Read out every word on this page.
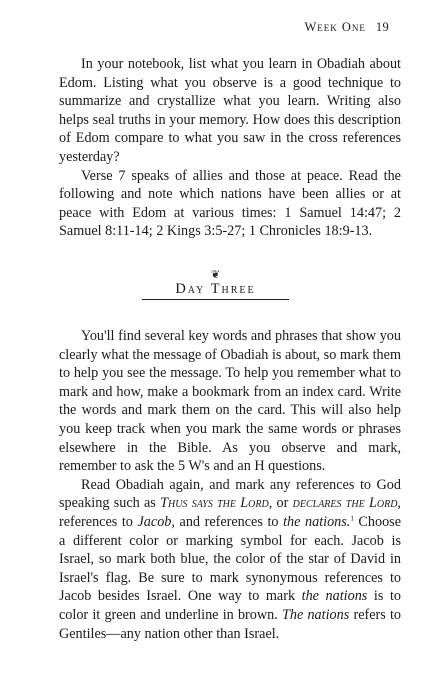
Week One 19

In your notebook, list what you learn in Obadiah about Edom. Listing what you observe is a good technique to summarize and crystallize what you learn. Writing also helps seal truths in your memory. How does this description of Edom compare to what you saw in the cross references yesterday?

Verse 7 speaks of allies and those at peace. Read the following and note which nations have been allies or at peace with Edom at various times: 1 Samuel 14:47; 2 Samuel 8:11-14; 2 Kings 3:5-27; 1 Chronicles 18:9-13.

❦
Day Three

You'll find several key words and phrases that show you clearly what the message of Obadiah is about, so mark them to help you see the message. To help you remember what to mark and how, make a bookmark from an index card. Write the words and mark them on the card. This will also help you keep track when you mark the same words or phrases elsewhere in the Bible. As you observe and mark, remember to ask the 5 W's and an H questions.

Read Obadiah again, and mark any references to God speaking such as Thus says the Lord, or declares the Lord, references to Jacob, and references to the nations.$^1$ Choose a different color or marking symbol for each. Jacob is Israel, so mark both blue, the color of the star of David in Israel's flag. Be sure to mark synonymous references to Jacob besides Israel. One way to mark the nations is to color it green and underline in brown. The nations refers to Gentiles—any nation other than Israel.
